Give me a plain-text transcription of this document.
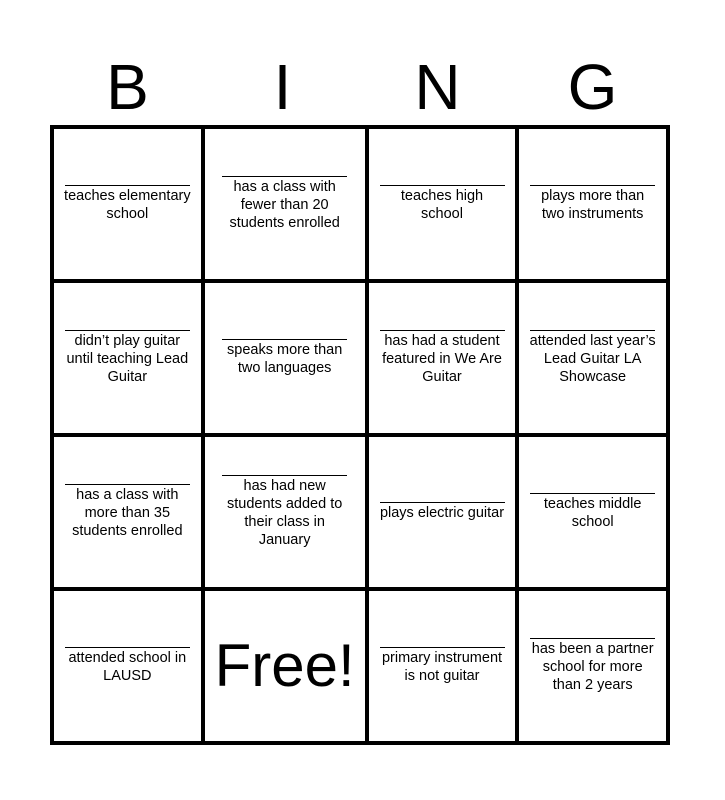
B	I	N	G
teaches elementary school
has a class with fewer than 20 students enrolled
teaches high school
plays more than two instruments
didn’t play guitar until teaching Lead Guitar
speaks more than two languages
has had a student featured in We Are Guitar
attended last year’s Lead Guitar LA Showcase
has a class with more than 35 students enrolled
has had new students added to their class in January
plays electric guitar
teaches middle school
attended school in LAUSD	Free! primary instrument is not guitar
has been a partner school for more than 2 years
